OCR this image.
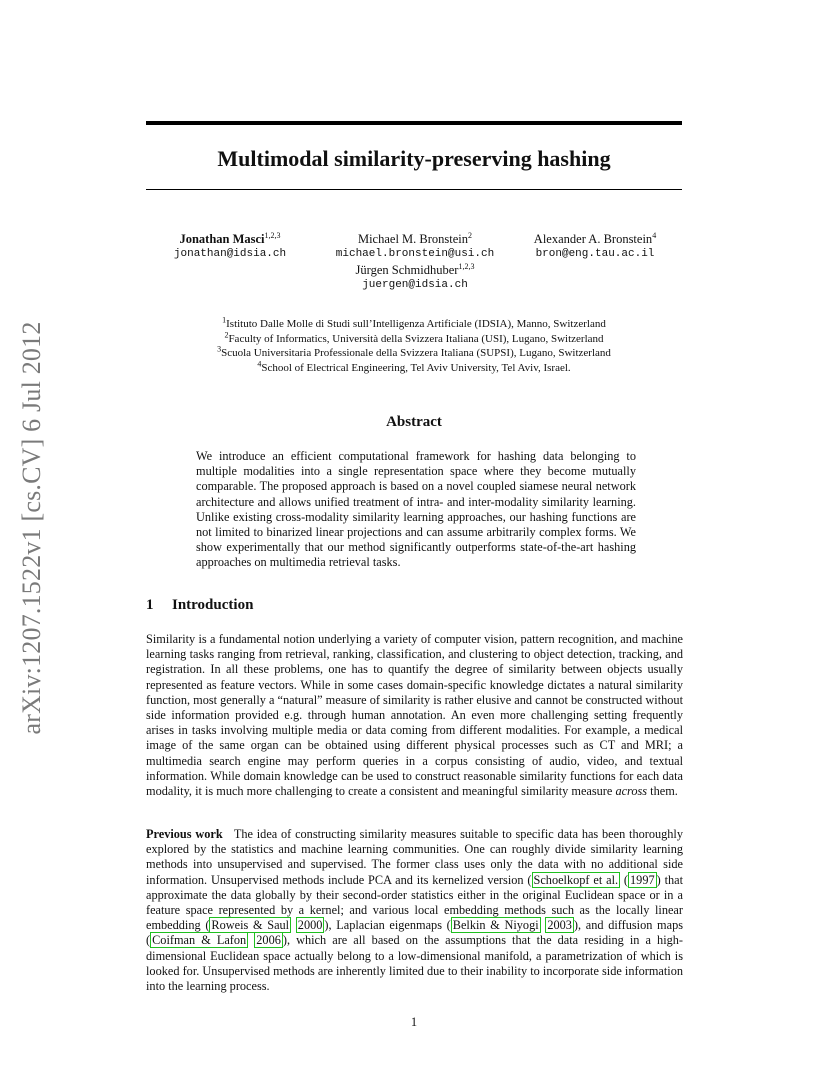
arXiv:1207.1522v1 [cs.CV] 6 Jul 2012
Multimodal similarity-preserving hashing
Jonathan Masci$^{1,2,3}$
jonathan@idsia.ch
Michael M. Bronstein$^2$
michael.bronstein@usi.ch
Jürgen Schmidhuber$^{1,2,3}$
juergen@idsia.ch
Alexander A. Bronstein$^4$
bron@eng.tau.ac.il
$^1$Istituto Dalle Molle di Studi sull’Intelligenza Artificiale (IDSIA), Manno, Switzerland
$^2$Faculty of Informatics, Università della Svizzera Italiana (USI), Lugano, Switzerland
$^3$Scuola Universitaria Professionale della Svizzera Italiana (SUPSI), Lugano, Switzerland
$^4$School of Electrical Engineering, Tel Aviv University, Tel Aviv, Israel.
Abstract
We introduce an efficient computational framework for hashing data belonging to multiple modalities into a single representation space where they become mutually comparable. The proposed approach is based on a novel coupled siamese neural network architecture and allows unified treatment of intra- and inter-modality similarity learning. Unlike existing cross-modality similarity learning approaches, our hashing functions are not limited to binarized linear projections and can assume arbitrarily complex forms. We show experimentally that our method significantly outperforms state-of-the-art hashing approaches on multimedia retrieval tasks.
1 Introduction
Similarity is a fundamental notion underlying a variety of computer vision, pattern recognition, and machine learning tasks ranging from retrieval, ranking, classification, and clustering to object detection, tracking, and registration. In all these problems, one has to quantify the degree of similarity between objects usually represented as feature vectors. While in some cases domain-specific knowledge dictates a natural similarity function, most generally a “natural” measure of similarity is rather elusive and cannot be constructed without side information provided e.g. through human annotation. An even more challenging setting frequently arises in tasks involving multiple media or data coming from different modalities. For example, a medical image of the same organ can be obtained using different physical processes such as CT and MRI; a multimedia search engine may perform queries in a corpus consisting of audio, video, and textual information. While domain knowledge can be used to construct reasonable similarity functions for each data modality, it is much more challenging to create a consistent and meaningful similarity measure across them.
Previous work The idea of constructing similarity measures suitable to specific data has been thoroughly explored by the statistics and machine learning communities. One can roughly divide similarity learning methods into unsupervised and supervised. The former class uses only the data with no additional side information. Unsupervised methods include PCA and its kernelized version ( Schoelkopf et al. ( 1997 ) that approximate the data globally by their second-order statistics either in the original Euclidean space or in a feature space represented by a kernel; and various local embedding methods such as the locally linear embedding ( Roweis & Saul 2000 ), Laplacian eigenmaps ( Belkin & Niyogi 2003 ), and diffusion maps ( Coifman & Lafon 2006 ), which are all based on the assumptions that the data residing in a high-dimensional Euclidean space actually belong to a low-dimensional manifold, a parametrization of which is looked for. Unsupervised methods are inherently limited due to their inability to incorporate side information into the learning process.
1
